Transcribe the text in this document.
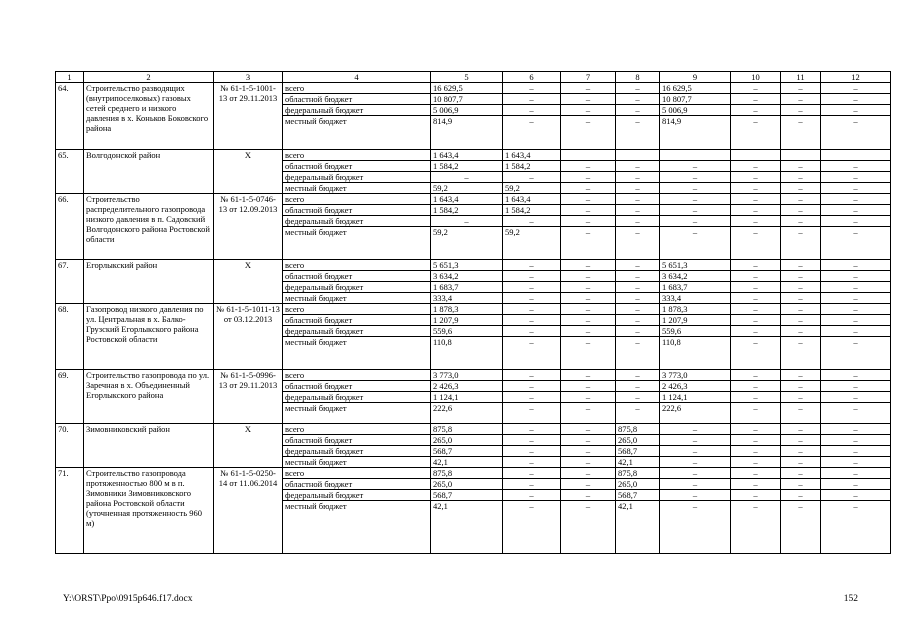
1	2	3	4	5	6	7	8	9	10	11	12
64.	Строительство разводящих (внутрипоселковых) газовых сетей среднего и низкого давления в х. Коньков Боковского района	№ 61-1-5-1001-13 от 29.11.2013	всего	16 629,5	–	–	–	16 629,5	–	–	–
			областной бюджет	10 807,7	–	–	–	10 807,7	–	–	–
			федеральный бюджет	5 006,9	–	–	–	5 006,9	–	–	–
			местный бюджет	814,9	–	–	–	814,9	–	–	–
65.	Волгодонской район	Х	всего	1 643,4	1 643,4						
			областной бюджет	1 584,2	1 584,2	–	–	–	–	–	–
			федеральный бюджет	–	–	–	–	–	–	–	–
			местный бюджет	59,2	59,2	–	–	–	–	–	–
66.	Строительство распределительного газопровода низкого давления в п. Садовский Волгодонского района Ростовской области	№ 61-1-5-0746-13 от 12.09.2013	всего	1 643,4	1 643,4	–	–	–	–	–	–
			областной бюджет	1 584,2	1 584,2	–	–	–	–	–	–
			федеральный бюджет	–	–	–	–	–	–	–	–
			местный бюджет	59,2	59,2	–	–	–	–	–	–
67.	Егорлыкский район	Х	всего	5 651,3	–	–	–	5 651,3	–	–	–
			областной бюджет	3 634,2	–	–	–	3 634,2	–	–	–
			федеральный бюджет	1 683,7	–	–	–	1 683,7	–	–	–
			местный бюджет	333,4	–	–	–	333,4	–	–	–
68.	Газопровод низкого давления по ул. Центральная в х. Балко-Грузский Егорлыкского района Ростовской области	№ 61-1-5-1011-13 от 03.12.2013	всего	1 878,3	–	–	–	1 878,3	–	–	–
			областной бюджет	1 207,9	–	–	–	1 207,9	–	–	–
			федеральный бюджет	559,6	–	–	–	559,6	–	–	–
			местный бюджет	110,8	–	–	–	110,8	–	–	–
69.	Строительство газопровода по ул. Заречная в х. Объединенный Егорлыкского района	№ 61-1-5-0996-13 от 29.11.2013	всего	3 773,0	–	–	–	3 773,0	–	–	–
			областной бюджет	2 426,3	–	–	–	2 426,3	–	–	–
			федеральный бюджет	1 124,1	–	–	–	1 124,1	–	–	–
			местный бюджет	222,6	–	–	–	222,6	–	–	–
70.	Зимовниковский район	Х	всего	875,8	–	–	875,8	–	–	–	–
			областной бюджет	265,0	–	–	265,0	–	–	–	–
			федеральный бюджет	568,7	–	–	568,7	–	–	–	–
			местный бюджет	42,1	–	–	42,1	–	–	–	–
71.	Строительство газопровода протяженностью 800 м в п. Зимовники Зимовниковского района Ростовской области (уточненная протяженность 960 м)	№ 61-1-5-0250-14 от 11.06.2014	всего	875,8	–	–	875,8	–	–	–	–
			областной бюджет	265,0	–	–	265,0	–	–	–	–
			федеральный бюджет	568,7	–	–	568,7	–	–	–	–
			местный бюджет	42,1	–	–	42,1	–	–	–	–
Y:\ORST\Ppo\0915p646.f17.docx	152
